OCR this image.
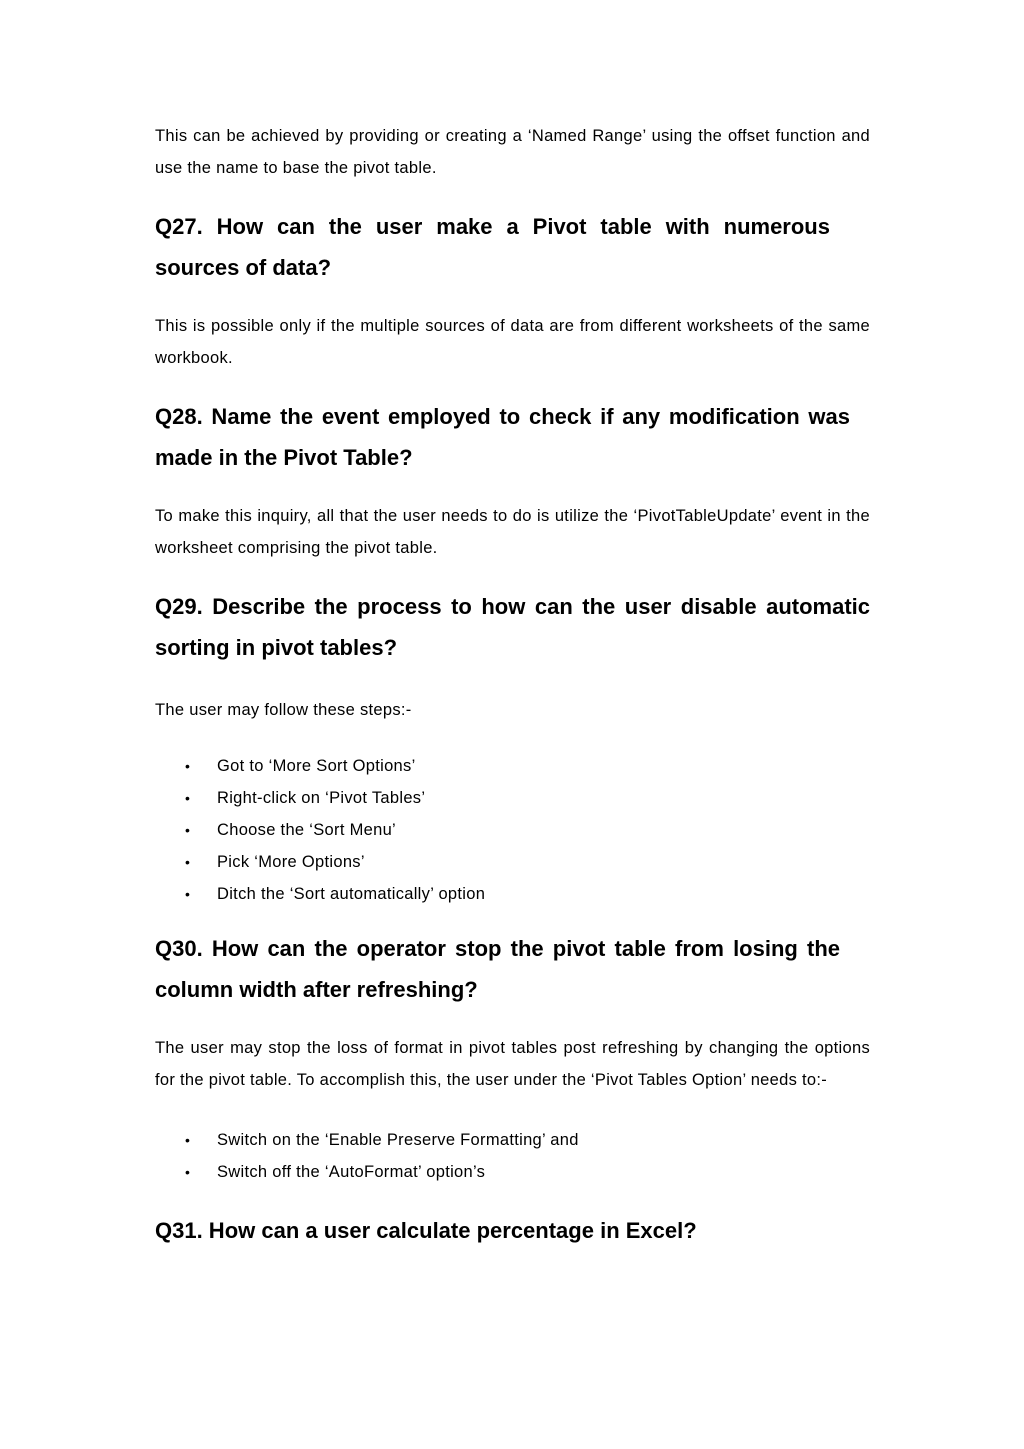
This can be achieved by providing or creating a ‘Named Range’ using the offset function and use the name to base the pivot table.

Q27. How can the user make a Pivot table with numerous sources of data?

This is possible only if the multiple sources of data are from different worksheets of the same workbook.

Q28. Name the event employed to check if any modification was made in the Pivot Table?

To make this inquiry, all that the user needs to do is utilize the ‘PivotTableUpdate’ event in the worksheet comprising the pivot table.

Q29. Describe the process to how can the user disable automatic sorting in pivot tables?

The user may follow these steps:-

• Got to ‘More Sort Options’
• Right-click on ‘Pivot Tables’
• Choose the ‘Sort Menu’
• Pick ‘More Options’
• Ditch the ‘Sort automatically’ option
Q30. How can the operator stop the pivot table from losing the column width after refreshing?

The user may stop the loss of format in pivot tables post refreshing by changing the options for the pivot table. To accomplish this, the user under the ‘Pivot Tables Option’ needs to:-

• Switch on the ‘Enable Preserve Formatting’ and
• Switch off the ‘AutoFormat’ option’s
Q31. How can a user calculate percentage in Excel?
